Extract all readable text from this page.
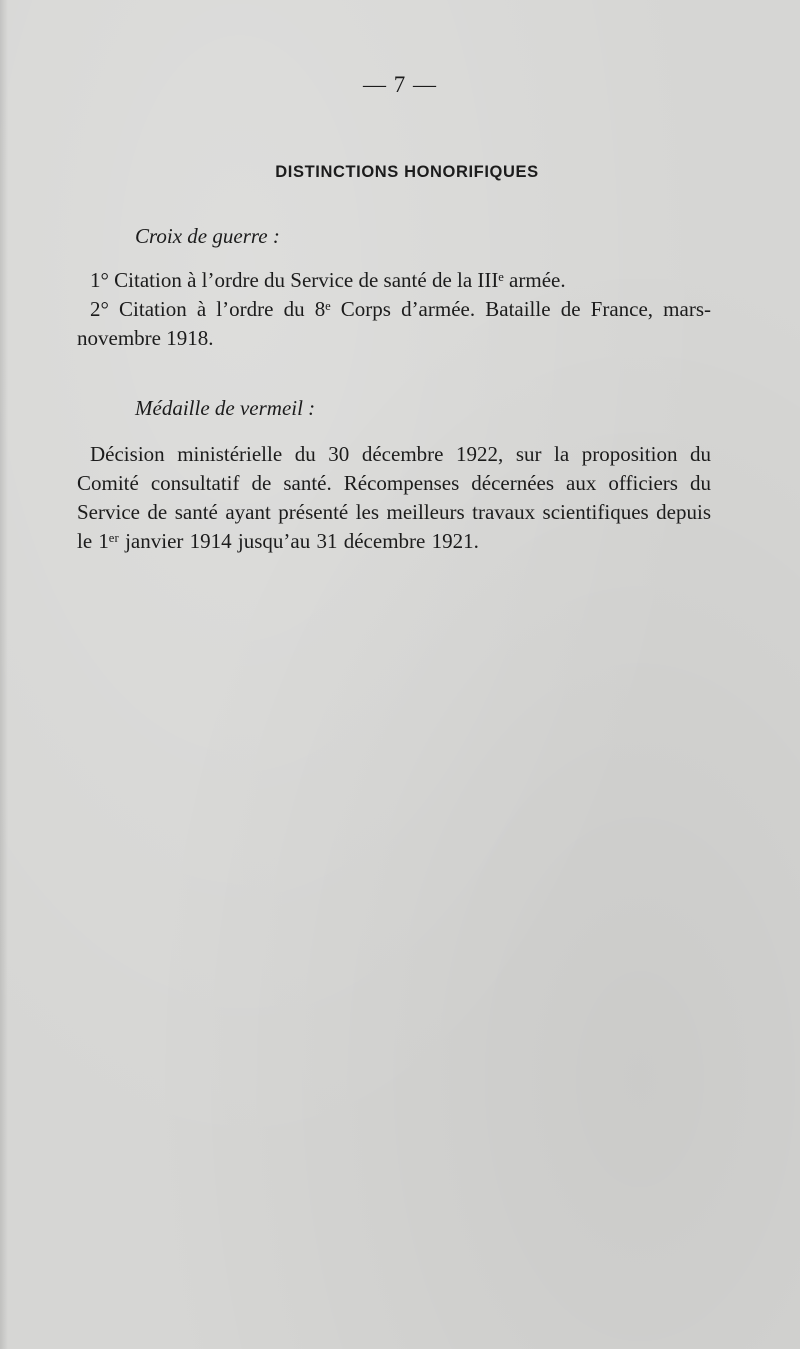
— 7 —
DISTINCTIONS HONORIFIQUES
Croix de guerre :

1° Citation à l’ordre du Service de santé de la IIIᵉ armée.

2° Citation à l’ordre du 8ᵉ Corps d’armée. Bataille de France, mars-novembre 1918.

Médaille de vermeil :

Décision ministérielle du 30 décembre 1922, sur la proposition du Comité consultatif de santé. Récompenses décernées aux officiers du Service de santé ayant présenté les meilleurs travaux scientifiques depuis le 1ᵉʳ janvier 1914 jusqu’au 31 décembre 1921.
